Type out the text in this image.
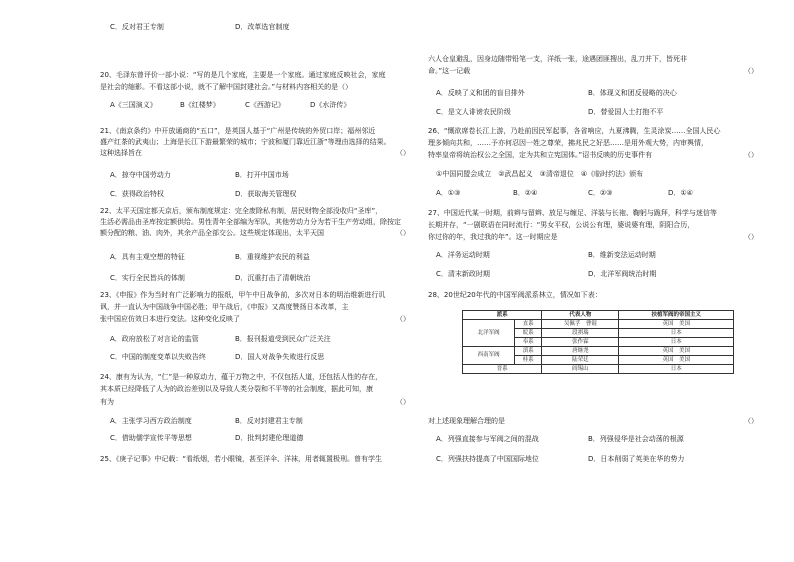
C．反对君王专制	D．改革选官制度
20、毛泽东曾评价一部小说：“写的是几个家庭，主要是一个家庭。通过家庭反映社会，家庭
是社会的缩影。不看这部小说，就不了解中国封建社会。”与材料内容相关的是（）
A《三国演义》	B《红楼梦》	C《西游记》	D《水浒传》
21、《南京条约》中开放通商的“五口”，是英国人基于“广州是传统的外贸口岸；福州邻近
盛产红茶的武夷山；上海是长江下游最繁荣的城市；宁波和厦门靠近江浙”等理由选择的结果。
这种选择旨在	（）
A．掠夺中国劳动力	B．打开中国市场
C．获得政治特权	D．获取海关管理权
22、太平天国定都天京后，颁布制度规定：完全废除私有制，居民财物全部没收归“圣库”，
生活必需品由圣库按定额供给。男性青年全部编为军队，其他劳动力分为若干生产劳动组，除按定
额分配的粮、油、肉外，其余产品全部交公。这些规定体现出，太平天国	（）
A．具有主观空想的特征	B．重视维护农民的利益
C．实行全民皆兵的体制	D．沉重打击了清朝统治
23、《申报》作为当时有广泛影响力的报纸，甲午中日战争前，多次对日本的明治维新进行讥
讽，并一直认为中国战争中国必胜；甲午战后，《申报》又高度赞扬日本改革，主
张中国应仿效日本进行变法。这种变化反映了	（）
A．政府放松了对言论的监管	B．报刊报道受到民众广泛关注
C．中国的制度变革以失败告终	D．国人对战争失败进行反思
24、康有为认为，“仁”是一种原动力，蕴于万物之中，不仅包括人道，还包括人性的存在，
其本质已经降低了人为的政治差别以及导致人类分裂和不平等的社会制度，据此可知，康
有为	（）
A．主张学习西方政治制度	B．反对封建君主专制
C．借助儒学宣传平等思想	D．批判封建伦理道德
25、《庚子记事》中记载：“看纸烟，若小眼镜，甚至洋伞、洋袜，用者辄置极刑。曾有学生
六人仓皇避乱，因身边随带铅笔一支，洋纸一张，途遇团匪搜出，乱刀并下，皆死非
命。”这一记载	（）
A．反映了义和团的盲目排外	B．体现义和团反侵略的决心
C．是文人诽谤农民阶级	D．替爱国人士打抱不平
26、“慨欲席卷长江上游，乃赴前因民军起事，各省响应，九夏沸腾，生灵涂炭……全国人民心
理多倾向共和，……予亦何忍因一姓之尊荣，拂兆民之好恶……是用外观大势，内审舆情，
特率皇帝将统治权公之全国，定为共和立宪国体。”诏书反映的历史事件有	（）
①中国同盟会成立　②武昌起义　③清帝退位　④《临时约法》颁布
A．①③	B．②④	C．②③	D．①④
27、中国近代某一时期，前辫与留辫、放足与缠足、洋装与长袍、鞠躬与跪拜，科学与迷信等
长期并存，“一剧联语在同时流行：“男女平权，公说公有理，婆说婆有理，阴阳合历，
你过你的年，我过我的年”。这一时期应是	（）
A．洋务运动时期	B．维新变法运动时期
C．清末新政时期	D．北洋军阀统治时期
28、20世纪20年代的中国军阀派系林立，情况如下表：
派系		代表人物	扶植军阀的帝国主义
北洋军阀	直系	吴佩孚　曹锟	英国　美国
	皖系	段祺瑞	日本
	奉系	张作霖	日本
西南军阀	滇系	唐继尧	英国　美国
	桂系	陆荣廷	英国　美国
晋系		阎锡山	日本
对上述现象理解合理的是	（）
A．列强直接参与军阀之间的混战	B．列强侵华是社会动荡的根源
C．列强扶持提高了中国国际地位	D．日本削弱了英美在华的势力
